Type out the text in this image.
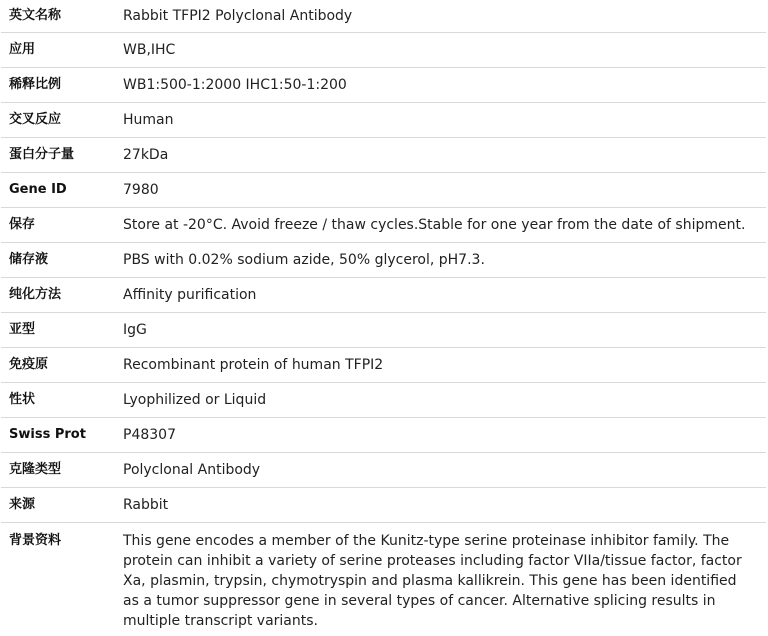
英文名称	Rabbit TFPI2 Polyclonal Antibody
应用	WB,IHC
稀释比例	WB1:500-1:2000 IHC1:50-1:200
交叉反应	Human
蛋白分子量	27kDa
Gene ID	7980
保存	Store at -20°C. Avoid freeze / thaw cycles.Stable for one year from the date of shipment.
储存液	PBS with 0.02% sodium azide, 50% glycerol, pH7.3.
纯化方法	Affinity purification
亚型	IgG
免疫原	Recombinant protein of human TFPI2
性状	Lyophilized or Liquid
Swiss Prot	P48307
克隆类型	Polyclonal Antibody
来源	Rabbit
背景资料	This gene encodes a member of the Kunitz-type serine proteinase inhibitor family. The protein can inhibit a variety of serine proteases including factor VIIa/tissue factor, factor Xa, plasmin, trypsin, chymotryspin and plasma kallikrein. This gene has been identified as a tumor suppressor gene in several types of cancer. Alternative splicing results in multiple transcript variants.
